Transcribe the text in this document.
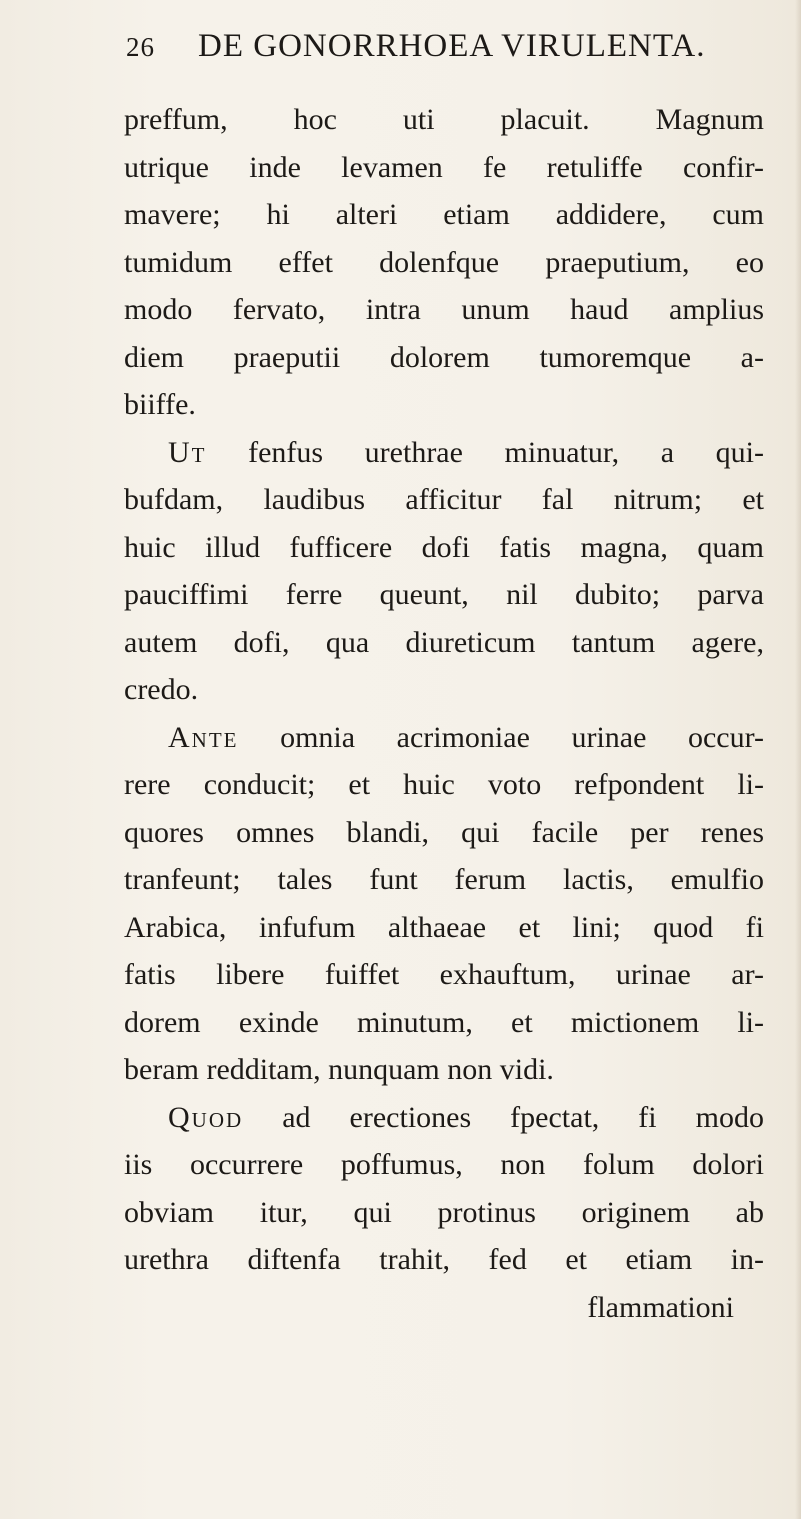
26 DE GONORRHOEA VIRULENTA.
preffum, hoc uti placuit. Magnum
utrique inde levamen fe retuliffe confir-
mavere; hi alteri etiam addidere, cum
tumidum effet dolenfque praeputium, eo
modo fervato, intra unum haud amplius
diem praeputii dolorem tumoremque a-
biiffe.
Ut fenfus urethrae minuatur, a qui-
bufdam, laudibus afficitur fal nitrum; et
huic illud fufficere dofi fatis magna, quam
pauciffimi ferre queunt, nil dubito; parva
autem dofi, qua diureticum tantum agere,
credo.
Ante omnia acrimoniae urinae occur-
rere conducit; et huic voto refpondent li-
quores omnes blandi, qui facile per renes
tranfeunt; tales funt ferum lactis, emulfio
Arabica, infufum althaeae et lini; quod fi
fatis libere fuiffet exhauftum, urinae ar-
dorem exinde minutum, et mictionem li-
beram redditam, nunquam non vidi.
Quod ad erectiones fpectat, fi modo
iis occurrere poffumus, non folum dolori
obviam itur, qui protinus originem ab
urethra diftenfa trahit, fed et etiam in-
flammationi
